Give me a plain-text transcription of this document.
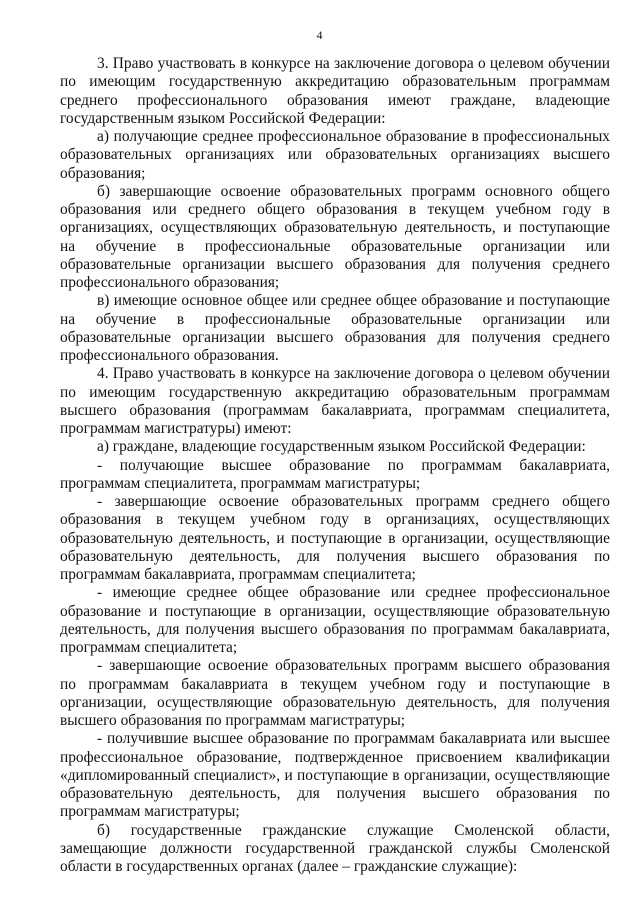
4

3. Право участвовать в конкурсе на заключение договора о целевом обучении по имеющим государственную аккредитацию образовательным программам среднего профессионального образования имеют граждане, владеющие государственным языком Российской Федерации:

а) получающие среднее профессиональное образование в профессиональных образовательных организациях или образовательных организациях высшего образования;

б) завершающие освоение образовательных программ основного общего образования или среднего общего образования в текущем учебном году в организациях, осуществляющих образовательную деятельность, и поступающие на обучение в профессиональные образовательные организации или образовательные организации высшего образования для получения среднего профессионального образования;

в) имеющие основное общее или среднее общее образование и поступающие на обучение в профессиональные образовательные организации или образовательные организации высшего образования для получения среднего профессионального образования.

4. Право участвовать в конкурсе на заключение договора о целевом обучении по имеющим государственную аккредитацию образовательным программам высшего образования (программам бакалавриата, программам специалитета, программам магистратуры) имеют:

а) граждане, владеющие государственным языком Российской Федерации:

- получающие высшее образование по программам бакалавриата, программам специалитета, программам магистратуры;

- завершающие освоение образовательных программ среднего общего образования в текущем учебном году в организациях, осуществляющих образовательную деятельность, и поступающие в организации, осуществляющие образовательную деятельность, для получения высшего образования по программам бакалавриата, программам специалитета;

- имеющие среднее общее образование или среднее профессиональное образование и поступающие в организации, осуществляющие образовательную деятельность, для получения высшего образования по программам бакалавриата, программам специалитета;

- завершающие освоение образовательных программ высшего образования по программам бакалавриата в текущем учебном году и поступающие в организации, осуществляющие образовательную деятельность, для получения высшего образования по программам магистратуры;

- получившие высшее образование по программам бакалавриата или высшее профессиональное образование, подтвержденное присвоением квалификации «дипломированный специалист», и поступающие в организации, осуществляющие образовательную деятельность, для получения высшего образования по программам магистратуры;

б) государственные гражданские служащие Смоленской области, замещающие должности государственной гражданской службы Смоленской области в государственных органах (далее – гражданские служащие):
